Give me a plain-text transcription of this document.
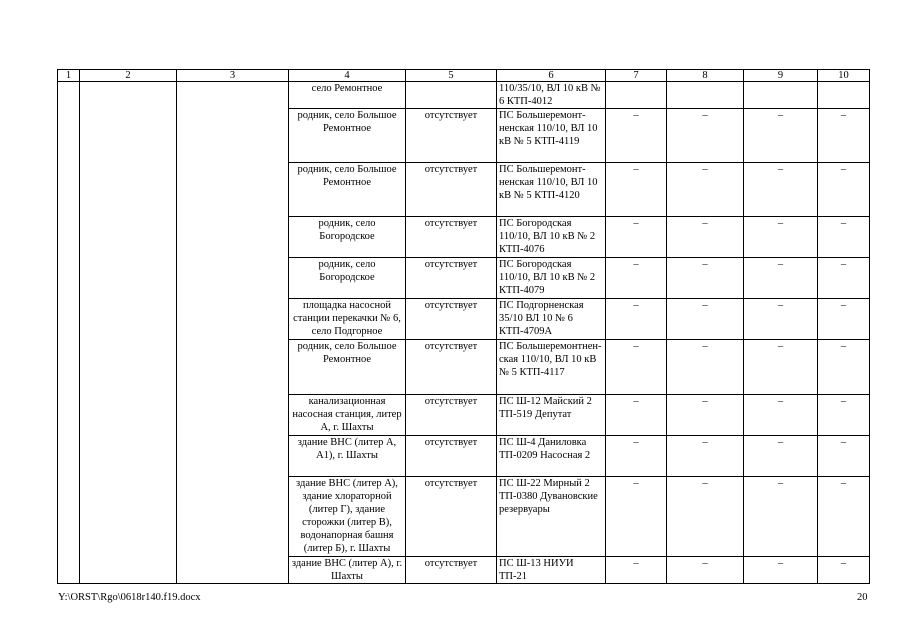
1	2	3	4	5	6	7	8	9	10
			село Ремонтное		110/35/10, ВЛ 10 кВ № 6 КТП-4012				
			родник, село Большое Ремонтное	отсутствует	ПС Большеремонт-ненская 110/10, ВЛ 10 кВ № 5 КТП-4119	–	–	–	–
			родник, село Большое Ремонтное	отсутствует	ПС Большеремонт-ненская 110/10, ВЛ 10 кВ № 5 КТП-4120	–	–	–	–
			родник, село Богородское	отсутствует	ПС Богородская 110/10, ВЛ 10 кВ № 2 КТП-4076	–	–	–	–
			родник, село Богородское	отсутствует	ПС Богородская 110/10, ВЛ 10 кВ № 2 КТП-4079	–	–	–	–
			площадка насосной станции перекачки № 6, село Подгорное	отсутствует	ПС Подгорненская 35/10 ВЛ 10 № 6 КТП-4709А	–	–	–	–
			родник, село Большое Ремонтное	отсутствует	ПС Большеремонтнен-ская 110/10, ВЛ 10 кВ № 5 КТП-4117	–	–	–	–
			канализационная насосная станция, литер А, г. Шахты	отсутствует	ПС Ш-12 Майский 2 ТП-519 Депутат	–	–	–	–
			здание ВНС (литер А, А1), г. Шахты	отсутствует	ПС Ш-4 Даниловка ТП-0209 Насосная 2	–	–	–	–
			здание ВНС (литер А), здание хлораторной (литер Г), здание сторожки (литер В), водонапорная башня (литер Б), г. Шахты	отсутствует	ПС Ш-22 Мирный 2 ТП-0380 Дувановские резервуары	–	–	–	–
			здание ВНС (литер А), г. Шахты	отсутствует	ПС Ш-13 НИУИ ТП-21	–	–	–	–
Y:\ORST\Rgo\0618r140.f19.docx	20
